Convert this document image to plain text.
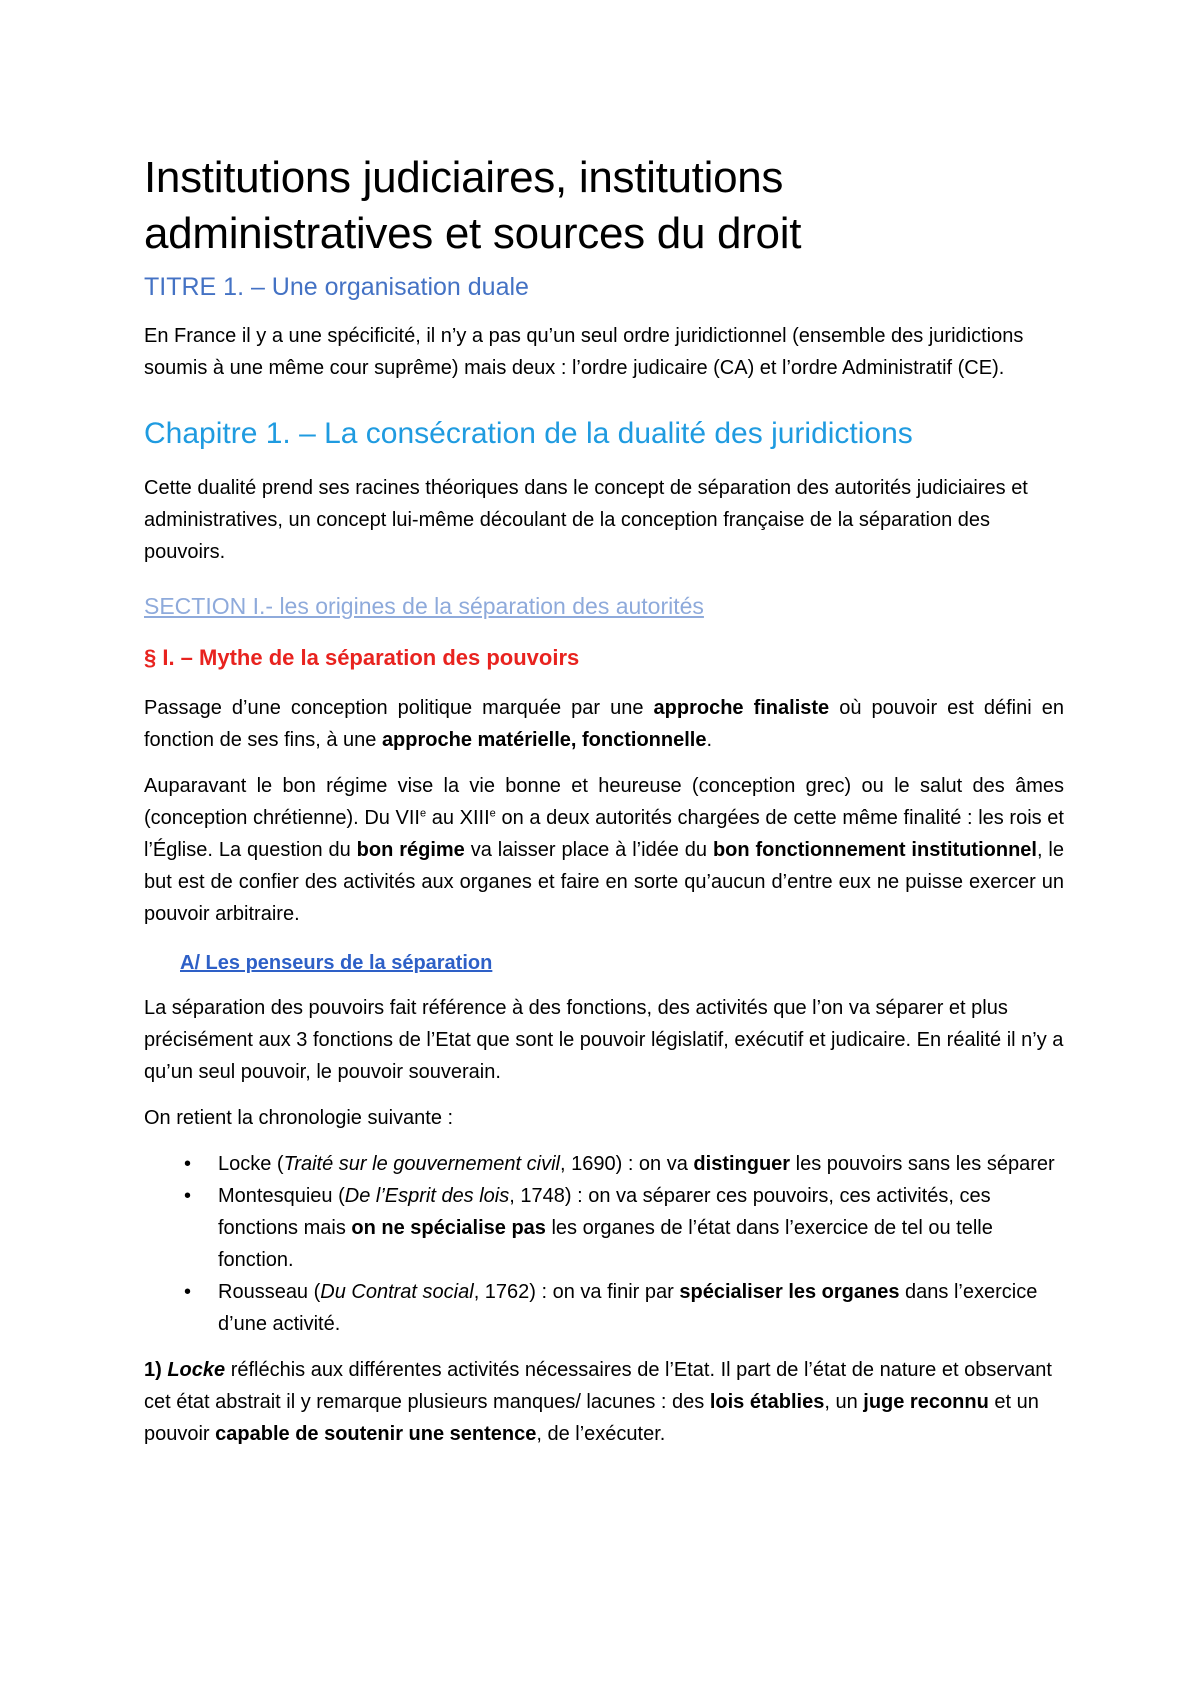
Institutions judiciaires, institutions
administratives et sources du droit
TITRE 1. – Une organisation duale

En France il y a une spécificité, il n’y a pas qu’un seul ordre juridictionnel (ensemble des juridictions soumis à une même cour suprême) mais deux : l’ordre judicaire (CA) et l’ordre Administratif (CE).

Chapitre 1. – La consécration de la dualité des juridictions

Cette dualité prend ses racines théoriques dans le concept de séparation des autorités judiciaires et administratives, un concept lui-même découlant de la conception française de la séparation des pouvoirs.

SECTION I.- les origines de la séparation des autorités
§ I. – Mythe de la séparation des pouvoirs

Passage d’une conception politique marquée par une approche finaliste où pouvoir est défini en fonction de ses fins, à une approche matérielle, fonctionnelle.

Auparavant le bon régime vise la vie bonne et heureuse (conception grec) ou le salut des âmes (conception chrétienne). Du VIIe au XIIIe on a deux autorités chargées de cette même finalité : les rois et l’Église. La question du bon régime va laisser place à l’idée du bon fonctionnement institutionnel, le but est de confier des activités aux organes et faire en sorte qu’aucun d’entre eux ne puisse exercer un pouvoir arbitraire.

A/ Les penseurs de la séparation

La séparation des pouvoirs fait référence à des fonctions, des activités que l’on va séparer et plus précisément aux 3 fonctions de l’Etat que sont le pouvoir législatif, exécutif et judicaire. En réalité il n’y a qu’un seul pouvoir, le pouvoir souverain.

On retient la chronologie suivante :

• Locke (Traité sur le gouvernement civil, 1690) : on va distinguer les pouvoirs sans les séparer
• Montesquieu (De l’Esprit des lois, 1748) : on va séparer ces pouvoirs, ces activités, ces fonctions mais on ne spécialise pas les organes de l’état dans l’exercice de tel ou telle fonction.
• Rousseau (Du Contrat social, 1762) : on va finir par spécialiser les organes dans l’exercice d’une activité.

1) Locke réfléchis aux différentes activités nécessaires de l’Etat. Il part de l’état de nature et observant cet état abstrait il y remarque plusieurs manques/ lacunes : des lois établies, un juge reconnu et un pouvoir capable de soutenir une sentence, de l’exécuter.
